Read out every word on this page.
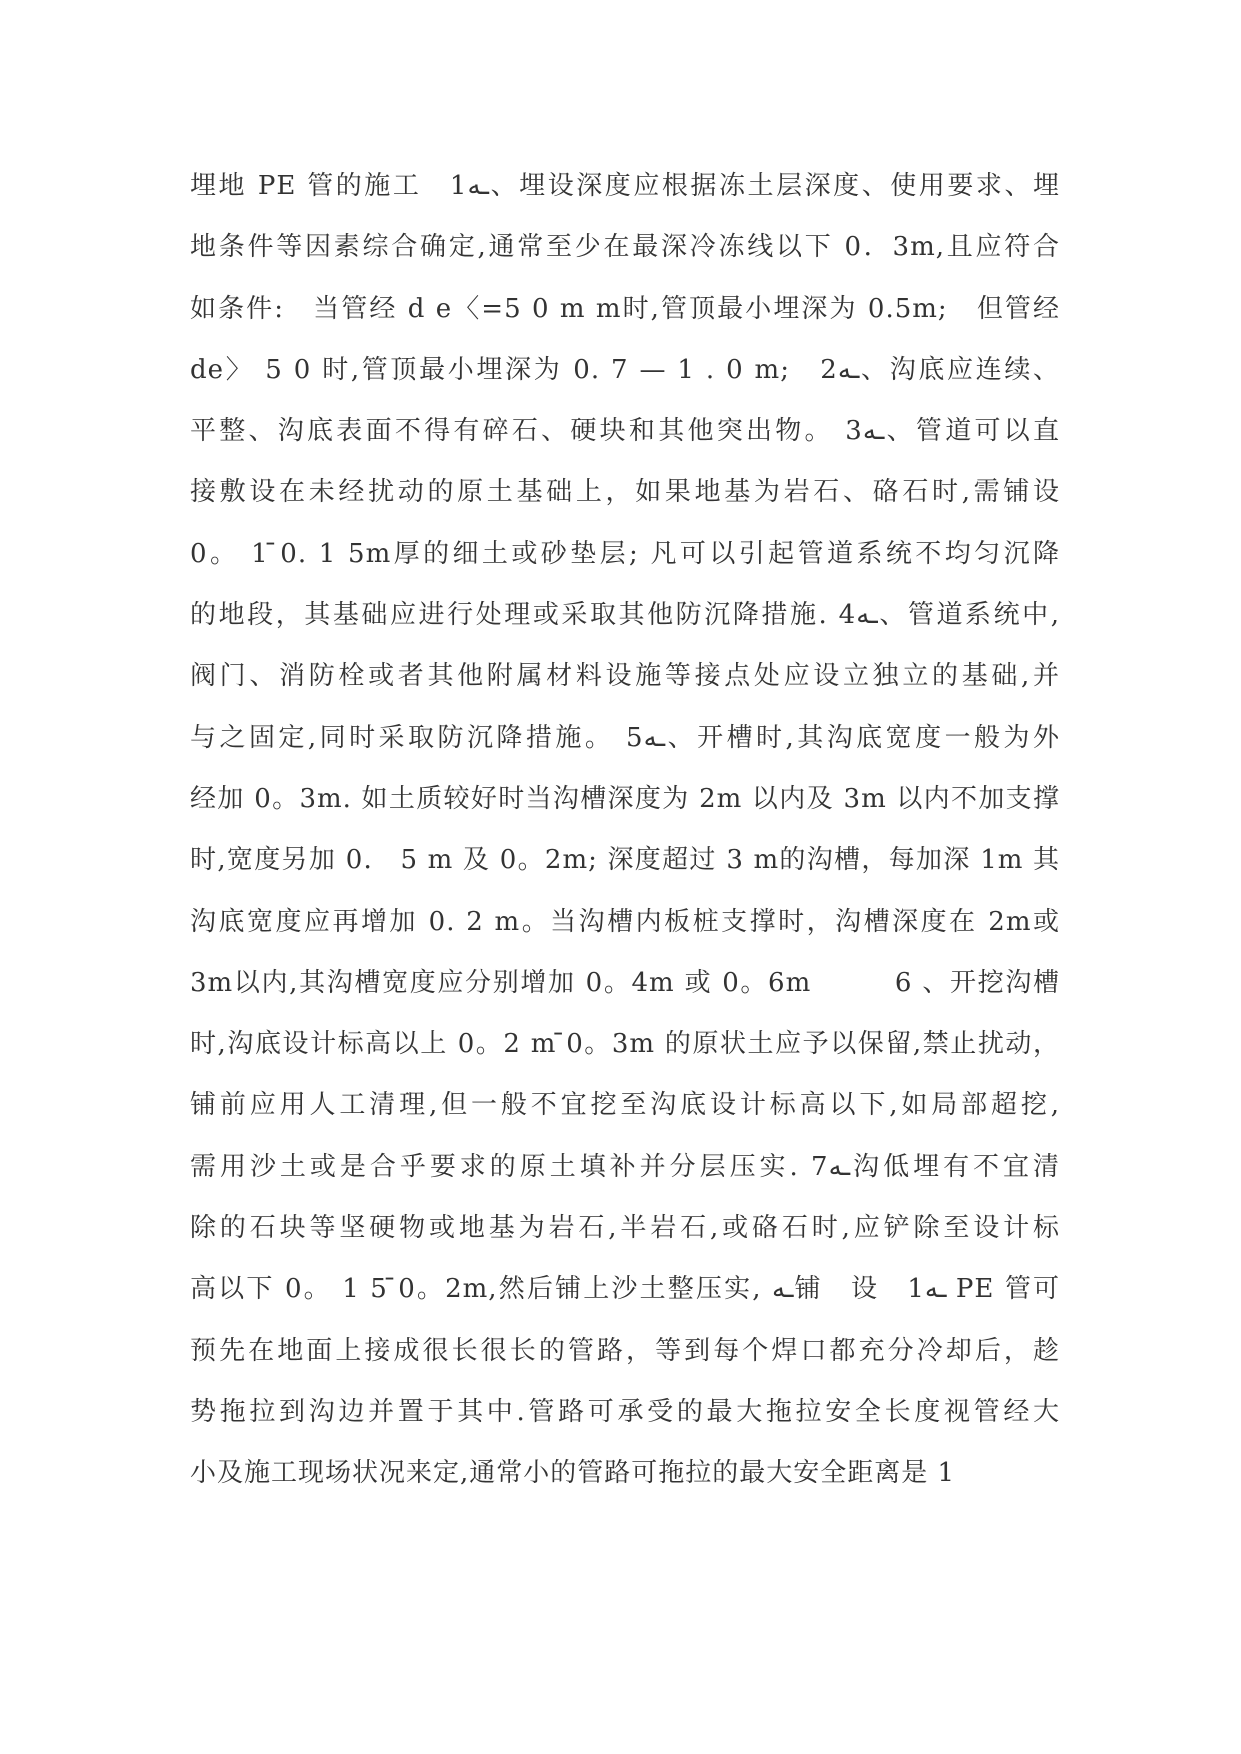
埋地 PE 管的施工　1ـه、埋设深度应根据冻土层深度、使用要求、埋
地条件等因素综合确定,通常至少在最深冷冻线以下 0．3m,且应符合
如条件:　当管经 d e〈=5 0 m m时,管顶最小埋深为 0.5m;　但管经
de〉 5 0 时,管顶最小埋深为 0. 7 — 1 . 0 m;　2ـه、沟底应连续、
平整、沟底表面不得有碎石、硬块和其他突出物。 3ـه、管道可以直
接敷设在未经扰动的原土基础上，如果地基为岩石、硌石时,需铺设
0。 1 ̄0. 1 5m厚的细土或砂垫层; 凡可以引起管道系统不均匀沉降
的地段，其基础应进行处理或采取其他防沉降措施. 4ـه、管道系统中,
阀门、消防栓或者其他附属材料设施等接点处应设立独立的基础,并
与之固定,同时采取防沉降措施。 5ـه、开槽时,其沟底宽度一般为外
经加 0。3m. 如土质较好时当沟槽深度为 2m 以内及 3m 以内不加支撑
时,宽度另加 0． 5 m 及 0。2m; 深度超过 3 m的沟槽，每加深 1m 其
沟底宽度应再增加 0. 2 m。当沟槽内板桩支撑时，沟槽深度在 2m或
3m以内,其沟槽宽度应分别增加 0。4m 或 0。6m　　　6 、开挖沟槽
时,沟底设计标高以上 0。2 m ̄0。3m 的原状土应予以保留,禁止扰动，
铺前应用人工清理,但一般不宜挖至沟底设计标高以下,如局部超挖,
需用沙土或是合乎要求的原土填补并分层压实. 7ـه沟低埋有不宜清
除的石块等坚硬物或地基为岩石,半岩石,或硌石时,应铲除至设计标
高以下 0。 1 5 ̄0。2m,然后铺上沙土整压实, ـه铺　设　1ـه PE 管可
预先在地面上接成很长很长的管路，等到每个焊口都充分冷却后，趁
势拖拉到沟边并置于其中.管路可承受的最大拖拉安全长度视管经大
小及施工现场状况来定,通常小的管路可拖拉的最大安全距离是 1
